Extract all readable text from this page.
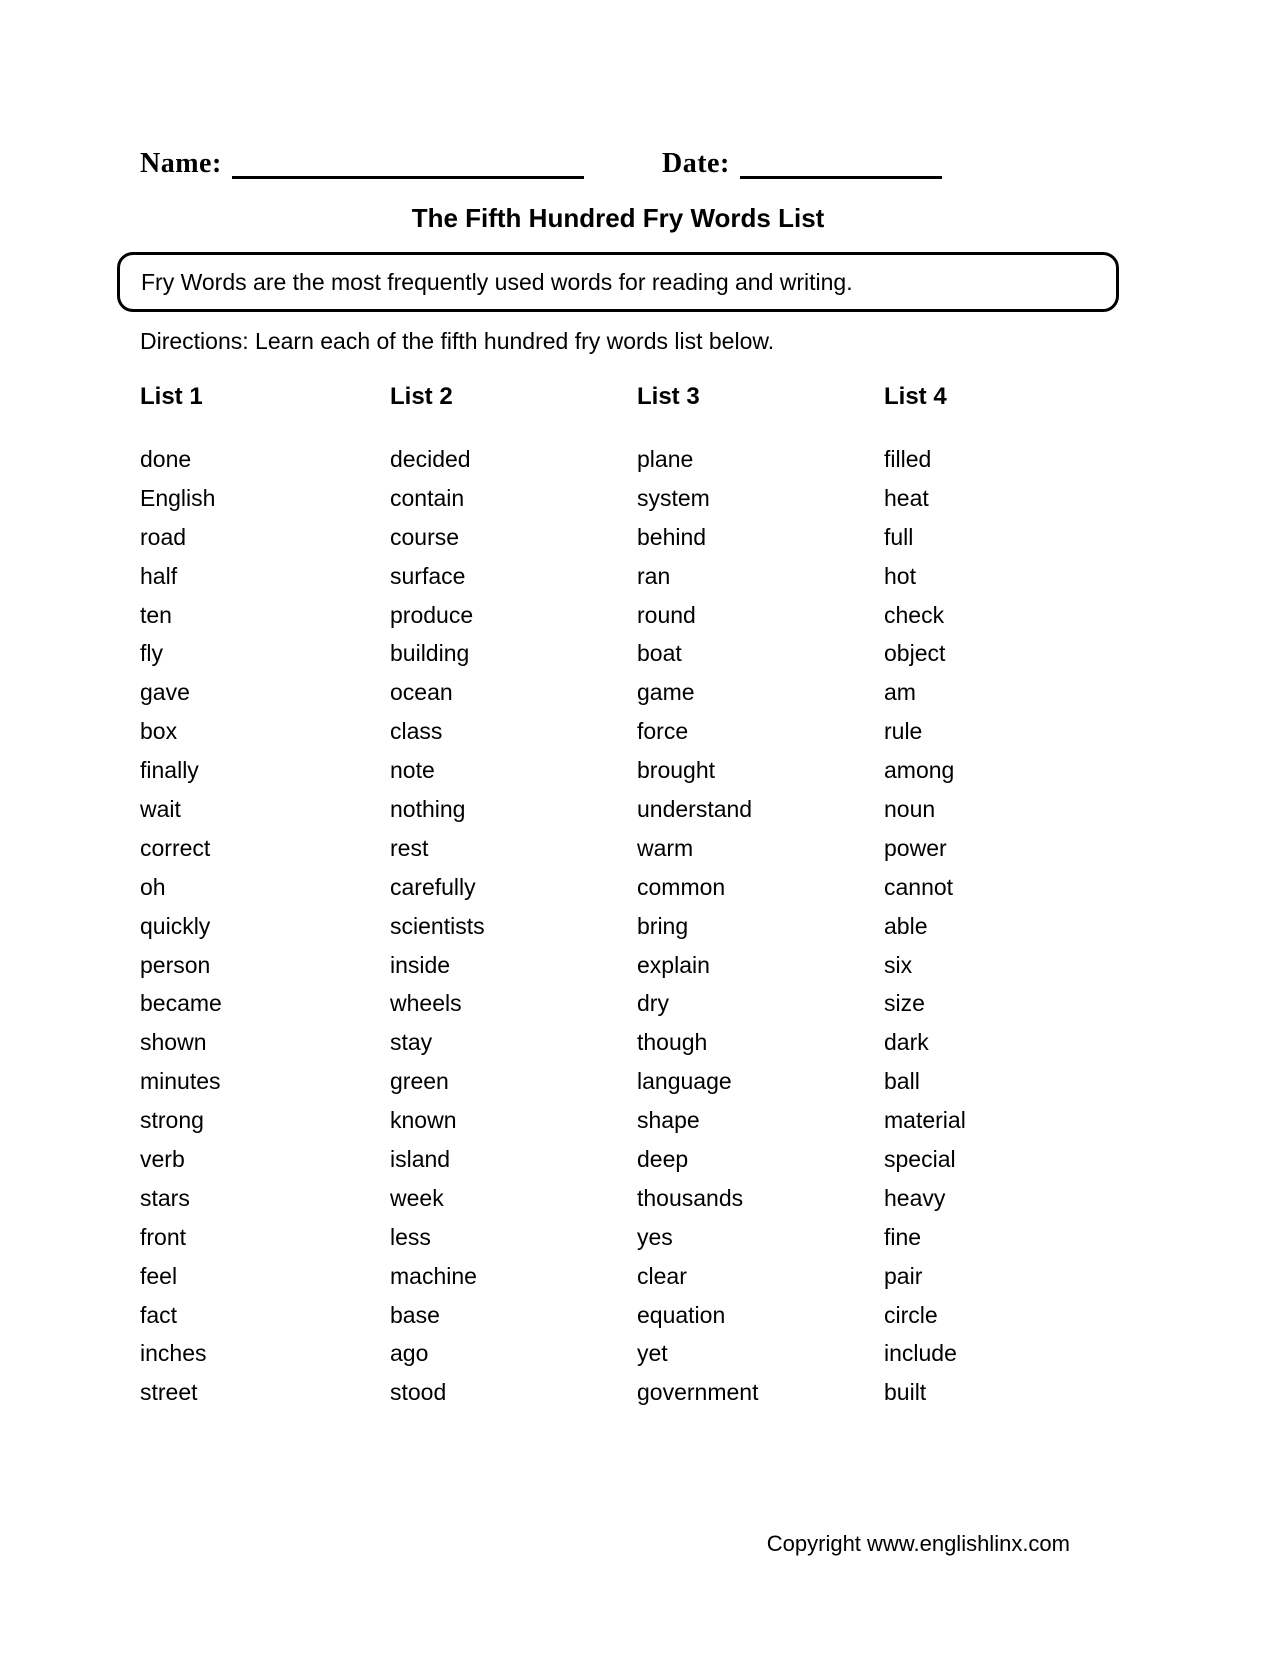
Name:	Date:
The Fifth Hundred Fry Words List
Fry Words are the most frequently used words for reading and writing.

Directions: Learn each of the fifth hundred fry words list below.

List 1
done
English
road
half
ten
fly
gave
box
finally
wait
correct
oh
quickly
person
became
shown
minutes
strong
verb
stars
front
feel
fact
inches
street
List 2
decided
contain
course
surface
produce
building
ocean
class
note
nothing
rest
carefully
scientists
inside
wheels
stay
green
known
island
week
less
machine
base
ago
stood
List 3
plane
system
behind
ran
round
boat
game
force
brought
understand
warm
common
bring
explain
dry
though
language
shape
deep
thousands
yes
clear
equation
yet
government
List 4
filled
heat
full
hot
check
object
am
rule
among
noun
power
cannot
able
six
size
dark
ball
material
special
heavy
fine
pair
circle
include
built
Copyright www.englishlinx.com
